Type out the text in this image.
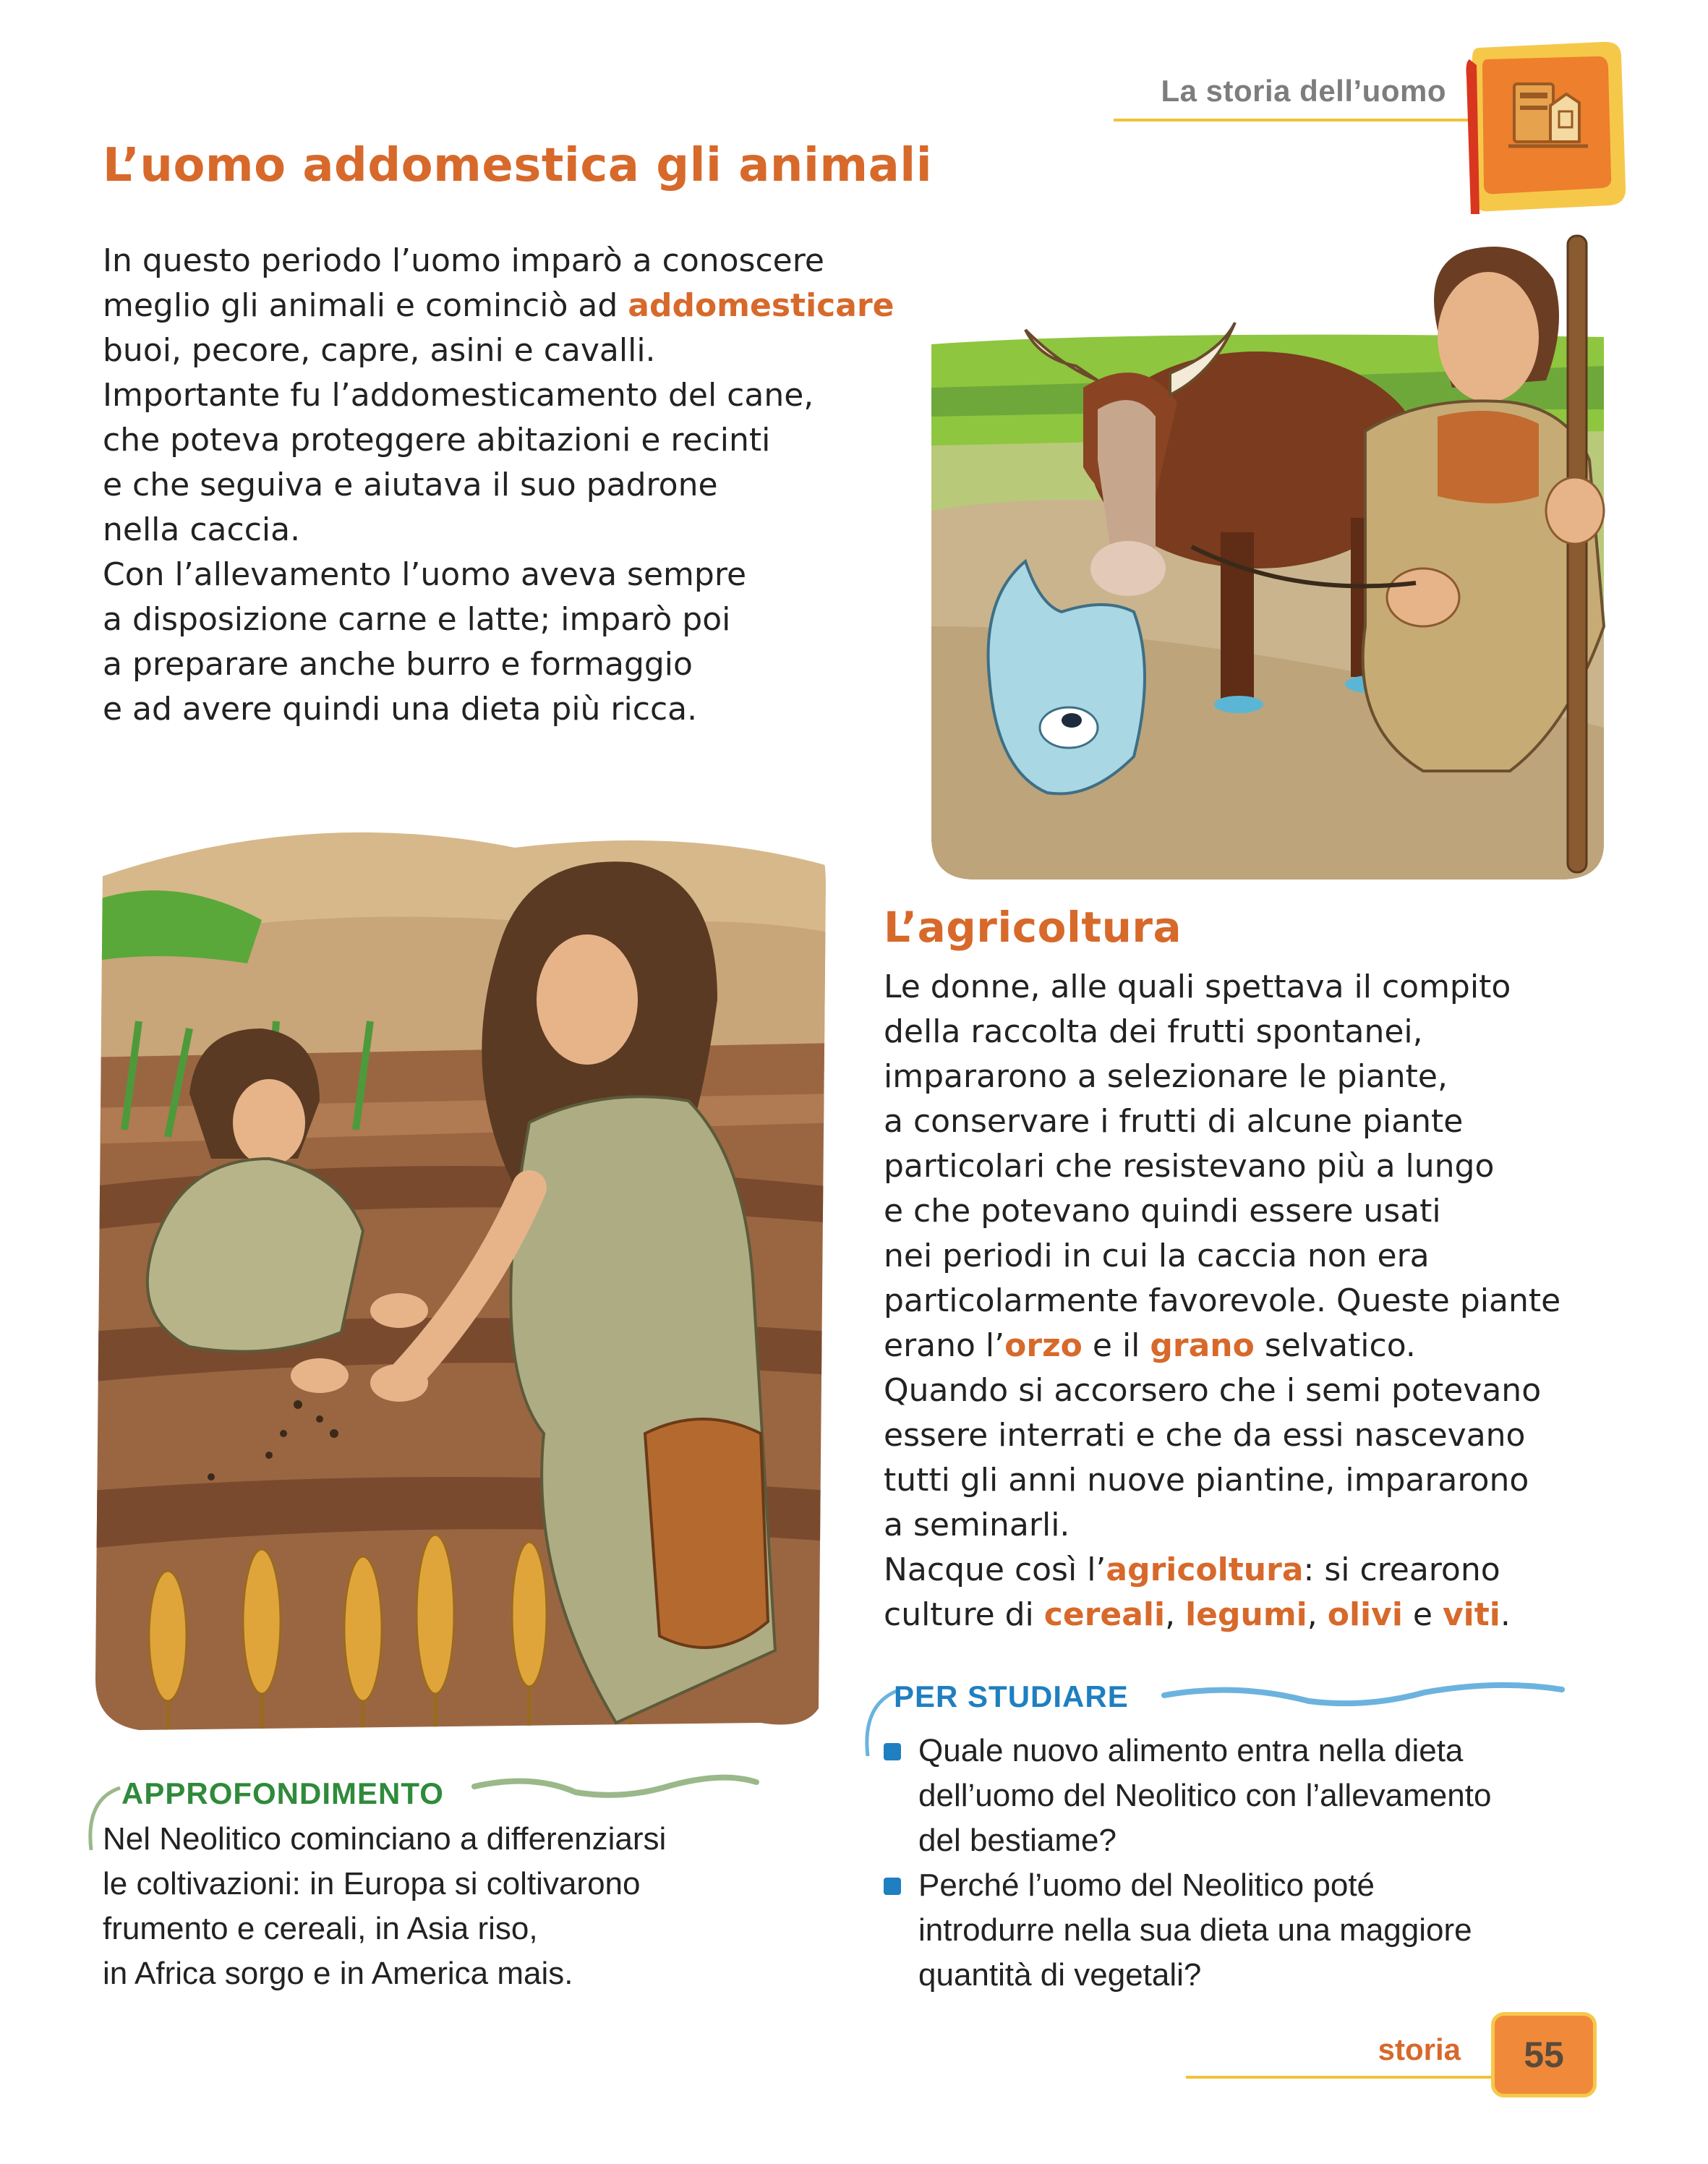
La storia dell’uomo
L’uomo addomestica gli animali

In questo periodo l’uomo imparò a conoscere

meglio gli animali e cominciò ad addomesticare

buoi, pecore, capre, asini e cavalli.

Importante fu l’addomesticamento del cane,

che poteva proteggere abitazioni e recinti

e che seguiva e aiutava il suo padrone

nella caccia.

Con l’allevamento l’uomo aveva sempre

a disposizione carne e latte; imparò poi

a preparare anche burro e formaggio

e ad avere quindi una dieta più ricca.

L’agricoltura

Le donne, alle quali spettava il compito

della raccolta dei frutti spontanei,

impararono a selezionare le piante,

a conservare i frutti di alcune piante

particolari che resistevano più a lungo

e che potevano quindi essere usati

nei periodi in cui la caccia non era

particolarmente favorevole. Queste piante

erano l’orzo e il grano selvatico.

Quando si accorsero che i semi potevano

essere interrati e che da essi nascevano

tutti gli anni nuove piantine, impararono

a seminarli.

Nacque così l’agricoltura: si crearono

culture di cereali, legumi, olivi e viti.

APPROFONDIMENTO

Nel Neolitico cominciano a differenziarsi

le coltivazioni: in Europa si coltivarono

frumento e cereali, in Asia riso,

in Africa sorgo e in America mais.

PER STUDIARE

Quale nuovo alimento entra nella dieta

dell’uomo del Neolitico con l’allevamento

del bestiame?

Perché l’uomo del Neolitico poté

introdurre nella sua dieta una maggiore

quantità di vegetali?

storia 55
